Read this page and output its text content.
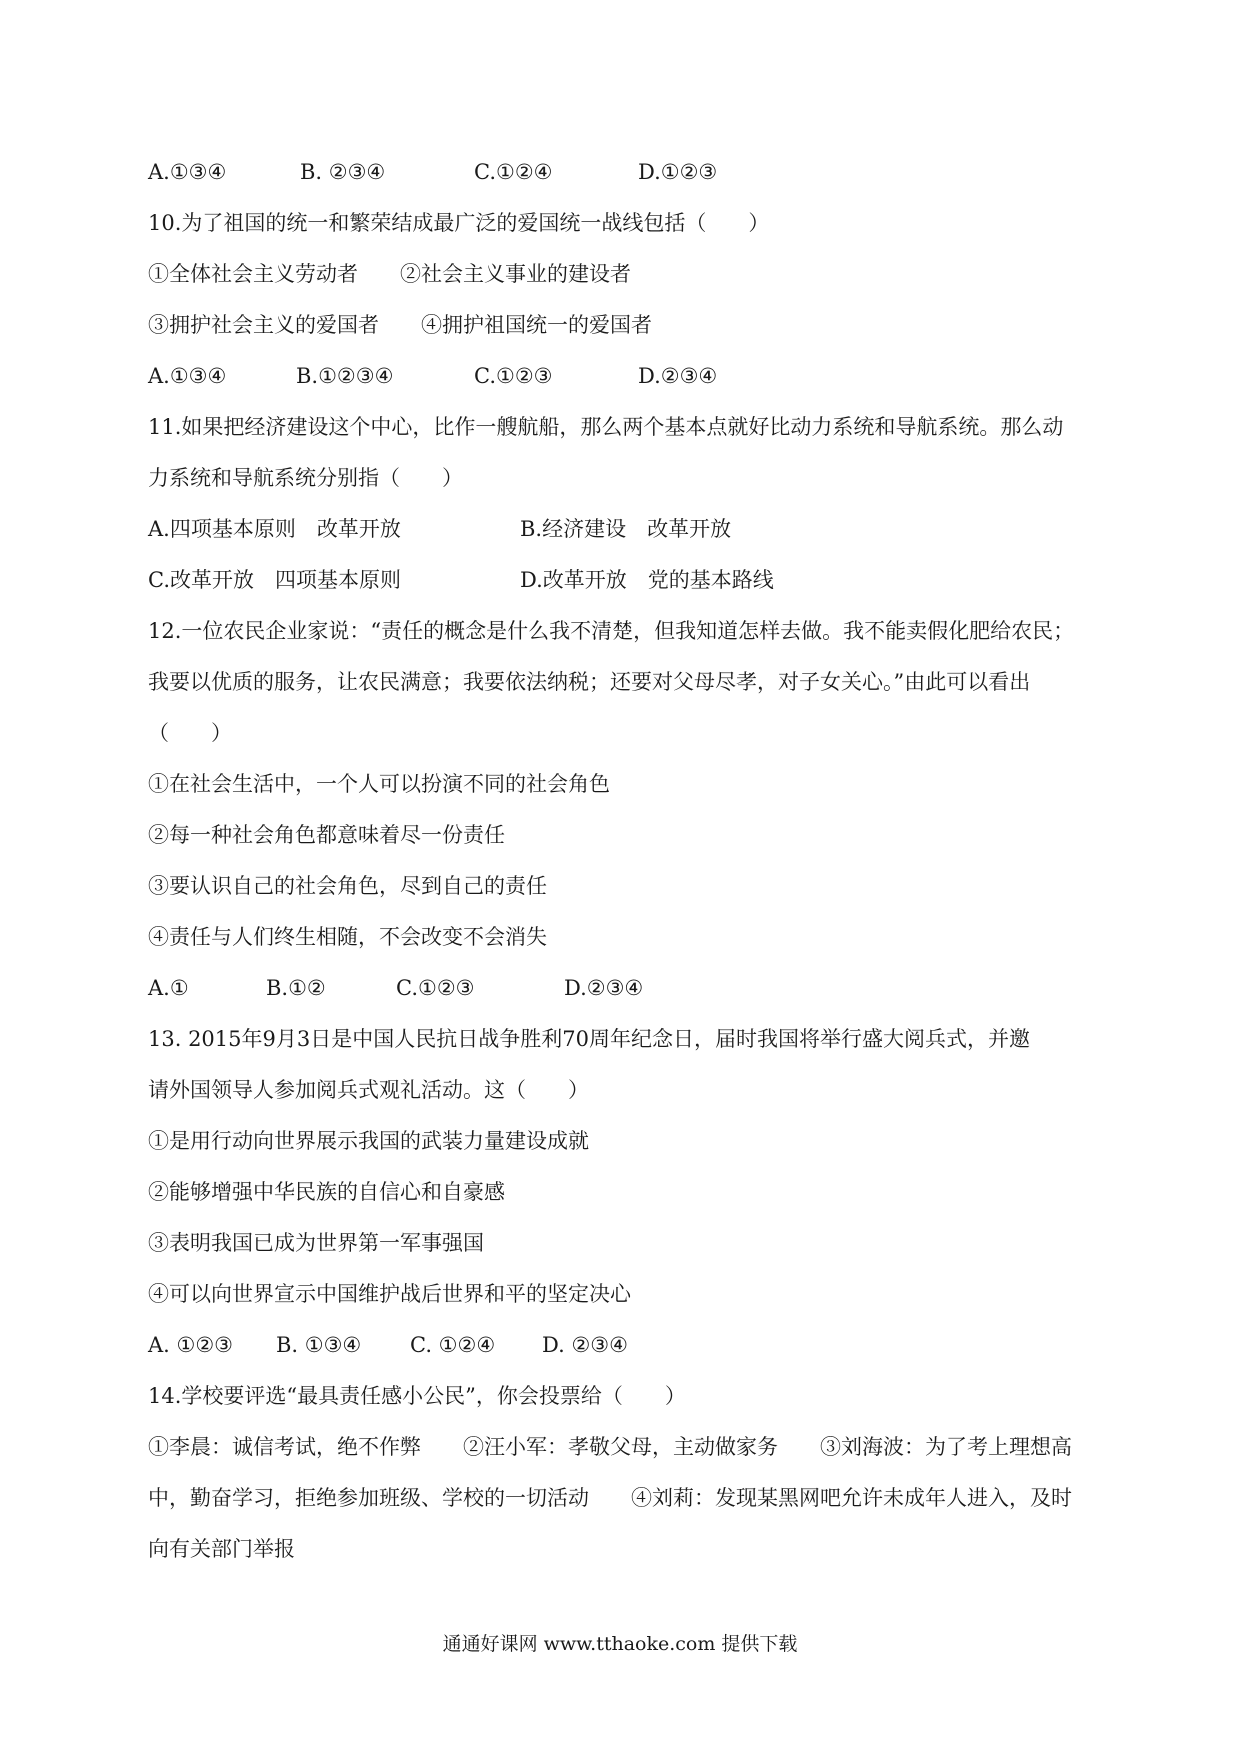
A.①③④	B. ②③④	C.①②④	D.①②③
10.为了祖国的统一和繁荣结成最广泛的爱国统一战线包括（　　）
①全体社会主义劳动者　　②社会主义事业的建设者
③拥护社会主义的爱国者　　④拥护祖国统一的爱国者
A.①③④	B.①②③④	C.①②③	D.②③④
11.如果把经济建设这个中心，比作一艘航船，那么两个基本点就好比动力系统和导航系统。那么动
力系统和导航系统分别指（　　）
A.四项基本原则　改革开放	B.经济建设　改革开放
C.改革开放　四项基本原则	D.改革开放　党的基本路线
12.一位农民企业家说：“责任的概念是什么我不清楚，但我知道怎样去做。我不能卖假化肥给农民；
我要以优质的服务，让农民满意；我要依法纳税；还要对父母尽孝，对子女关心。”由此可以看出
（　　）
①在社会生活中，一个人可以扮演不同的社会角色
②每一种社会角色都意味着尽一份责任
③要认识自己的社会角色，尽到自己的责任
④责任与人们终生相随，不会改变不会消失
A.①	B.①②	C.①②③	D.②③④
13. 2015年9月3日是中国人民抗日战争胜利70周年纪念日，届时我国将举行盛大阅兵式，并邀
请外国领导人参加阅兵式观礼活动。这（　　）
①是用行动向世界展示我国的武装力量建设成就
②能够增强中华民族的自信心和自豪感
③表明我国已成为世界第一军事强国
④可以向世界宣示中国维护战后世界和平的坚定决心
A. ①②③ B. ①③④ C. ①②④ D. ②③④
14.学校要评选“最具责任感小公民”，你会投票给（　　）
①李晨：诚信考试，绝不作弊　　②汪小军：孝敬父母，主动做家务　　③刘海波：为了考上理想高
中，勤奋学习，拒绝参加班级、学校的一切活动　　④刘莉：发现某黑网吧允许未成年人进入，及时
向有关部门举报
通通好课网 www.tthaoke.com 提供下载
